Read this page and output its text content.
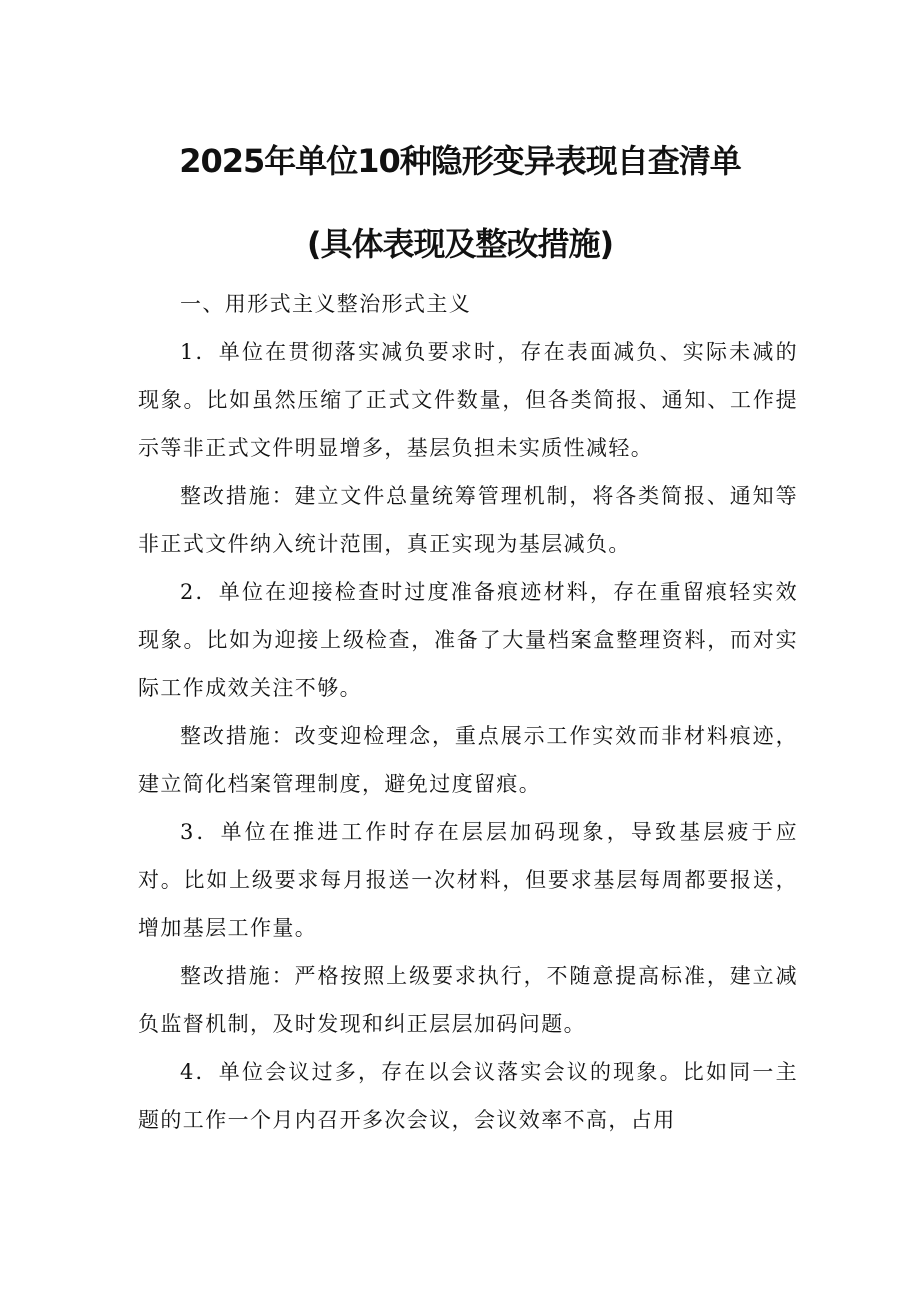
2025年单位10种隐形变异表现自查清单
(具体表现及整改措施)

一、用形式主义整治形式主义

1．单位在贯彻落实减负要求时，存在表面减负、实际未减的现象。比如虽然压缩了正式文件数量，但各类简报、通知、工作提示等非正式文件明显增多，基层负担未实质性减轻。

整改措施：建立文件总量统筹管理机制，将各类简报、通知等非正式文件纳入统计范围，真正实现为基层减负。

2．单位在迎接检查时过度准备痕迹材料，存在重留痕轻实效现象。比如为迎接上级检查，准备了大量档案盒整理资料，而对实际工作成效关注不够。

整改措施：改变迎检理念，重点展示工作实效而非材料痕迹，建立简化档案管理制度，避免过度留痕。

3．单位在推进工作时存在层层加码现象，导致基层疲于应对。比如上级要求每月报送一次材料，但要求基层每周都要报送，增加基层工作量。

整改措施：严格按照上级要求执行，不随意提高标准，建立减负监督机制，及时发现和纠正层层加码问题。

4．单位会议过多，存在以会议落实会议的现象。比如同一主题的工作一个月内召开多次会议，会议效率不高，占用
